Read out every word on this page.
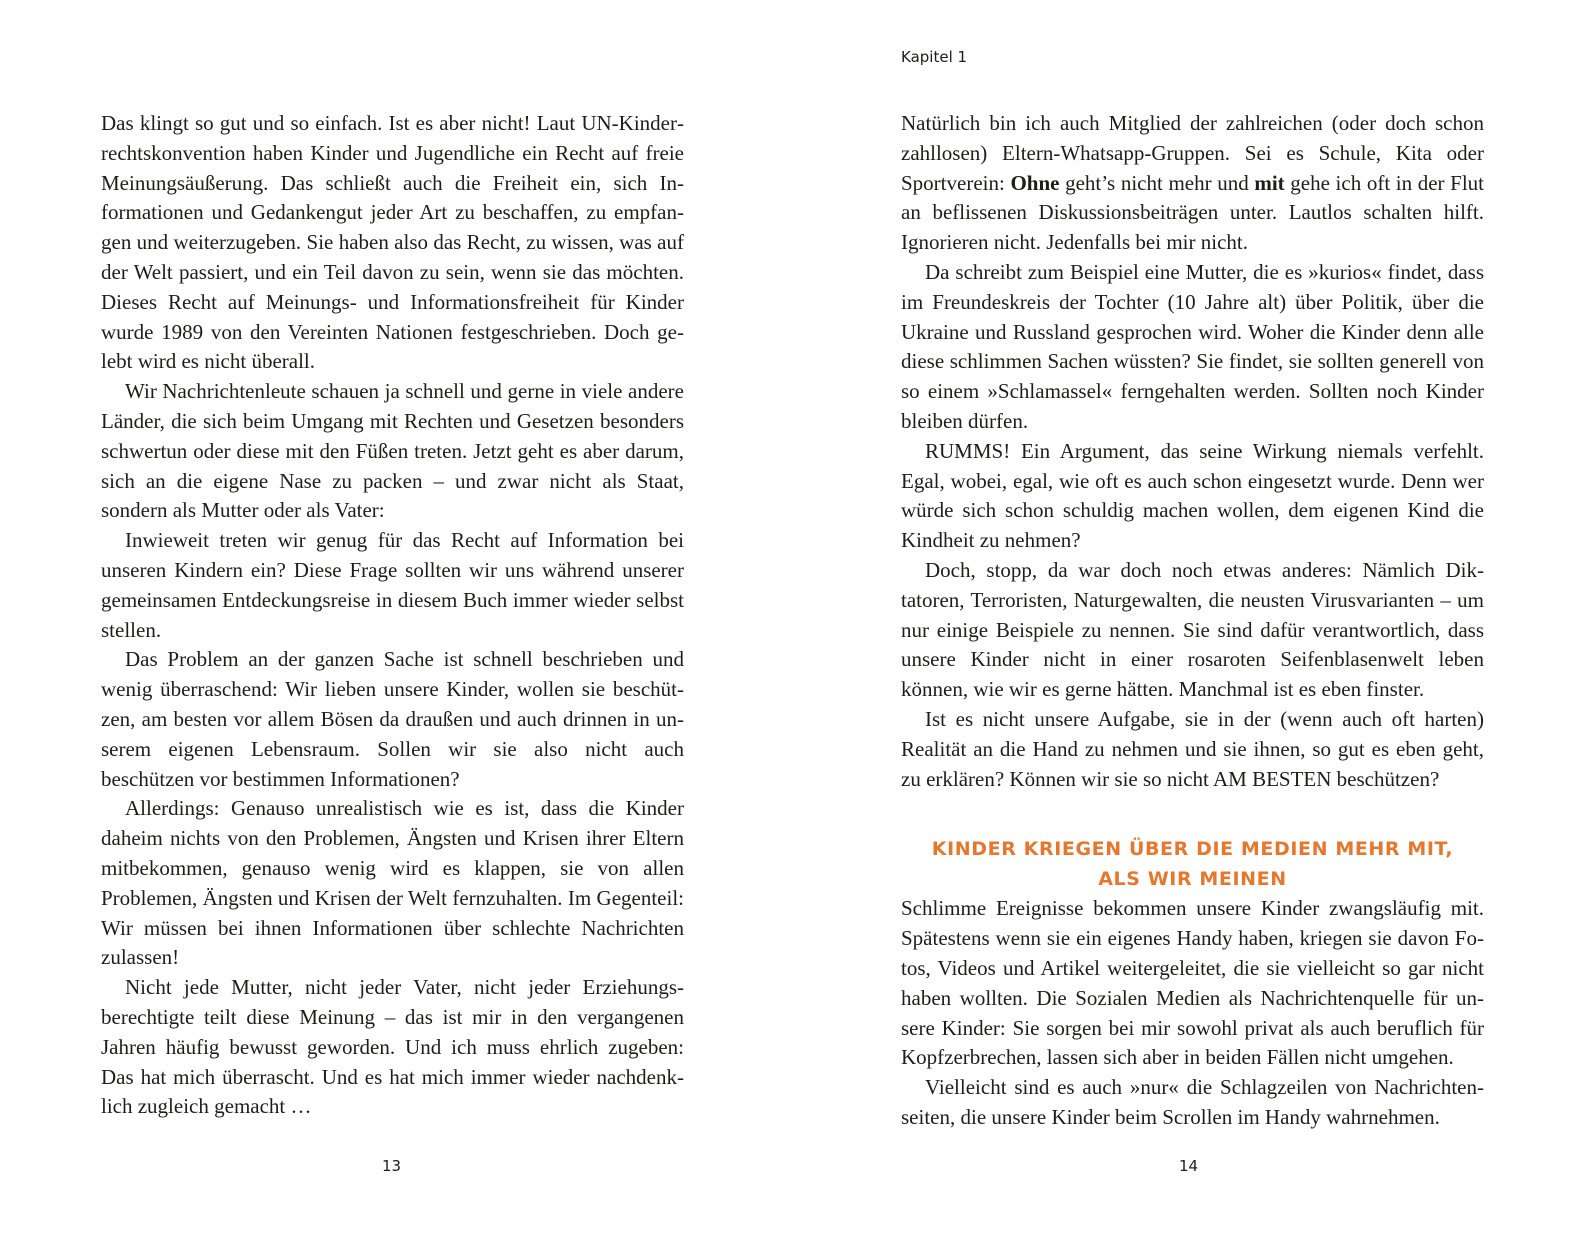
Das klingt so gut und so einfach. Ist es aber nicht! Laut UN-Kinderrechtskonvention haben Kinder und Jugendliche ein Recht auf freie Meinungsäußerung. Das schließt auch die Freiheit ein, sich Informationen und Gedankengut jeder Art zu beschaffen, zu empfangen und weiterzugeben. Sie haben also das Recht, zu wissen, was auf der Welt passiert, und ein Teil davon zu sein, wenn sie das möchten. Dieses Recht auf Meinungs- und Informationsfreiheit für Kinder wurde 1989 von den Vereinten Nationen festgeschrieben. Doch gelebt wird es nicht überall.

Wir Nachrichtenleute schauen ja schnell und gerne in viele andere Länder, die sich beim Umgang mit Rechten und Gesetzen besonders schwertun oder diese mit den Füßen treten. Jetzt geht es aber darum, sich an die eigene Nase zu packen – und zwar nicht als Staat, sondern als Mutter oder als Vater:

Inwieweit treten wir genug für das Recht auf Information bei unseren Kindern ein? Diese Frage sollten wir uns während unserer gemeinsamen Entdeckungsreise in diesem Buch immer wieder selbst stellen.

Das Problem an der ganzen Sache ist schnell beschrieben und wenig überraschend: Wir lieben unsere Kinder, wollen sie beschützen, am besten vor allem Bösen da draußen und auch drinnen in unserem eigenen Lebensraum. Sollen wir sie also nicht auch beschützen vor bestimmen Informationen?

Allerdings: Genauso unrealistisch wie es ist, dass die Kinder daheim nichts von den Problemen, Ängsten und Krisen ihrer Eltern mitbekommen, genauso wenig wird es klappen, sie von allen Problemen, Ängsten und Krisen der Welt fernzuhalten. Im Gegenteil: Wir müssen bei ihnen Informationen über schlechte Nachrichten zulassen!

Nicht jede Mutter, nicht jeder Vater, nicht jeder Erziehungsberechtigte teilt diese Meinung – das ist mir in den vergangenen Jahren häufig bewusst geworden. Und ich muss ehrlich zugeben: Das hat mich überrascht. Und es hat mich immer wieder nachdenklich zugleich gemacht …

13
Kapitel 1

Natürlich bin ich auch Mitglied der zahlreichen (oder doch schon zahllosen) Eltern-Whatsapp-Gruppen. Sei es Schule, Kita oder Sportverein: Ohne geht’s nicht mehr und mit gehe ich oft in der Flut an beflissenen Diskussionsbeiträgen unter. Lautlos schalten hilft. Ignorieren nicht. Jedenfalls bei mir nicht.

Da schreibt zum Beispiel eine Mutter, die es »kurios« findet, dass im Freundeskreis der Tochter (10 Jahre alt) über Politik, über die Ukraine und Russland gesprochen wird. Woher die Kinder denn alle diese schlimmen Sachen wüssten? Sie findet, sie sollten generell von so einem »Schlamassel« ferngehalten werden. Sollten noch Kinder bleiben dürfen.

RUMMS! Ein Argument, das seine Wirkung niemals verfehlt. Egal, wobei, egal, wie oft es auch schon eingesetzt wurde. Denn wer würde sich schon schuldig machen wollen, dem eigenen Kind die Kindheit zu nehmen?

Doch, stopp, da war doch noch etwas anderes: Nämlich Diktatoren, Terroristen, Naturgewalten, die neusten Virusvarianten – um nur einige Beispiele zu nennen. Sie sind dafür verantwortlich, dass unsere Kinder nicht in einer rosaroten Seifenblasenwelt leben können, wie wir es gerne hätten. Manchmal ist es eben finster.

Ist es nicht unsere Aufgabe, sie in der (wenn auch oft harten) Realität an die Hand zu nehmen und sie ihnen, so gut es eben geht, zu erklären? Können wir sie so nicht AM BESTEN beschützen?

KINDER KRIEGEN ÜBER DIE MEDIEN MEHR MIT,
ALS WIR MEINEN

Schlimme Ereignisse bekommen unsere Kinder zwangsläufig mit. Spätestens wenn sie ein eigenes Handy haben, kriegen sie davon Fotos, Videos und Artikel weitergeleitet, die sie vielleicht so gar nicht haben wollten. Die Sozialen Medien als Nachrichtenquelle für unsere Kinder: Sie sorgen bei mir sowohl privat als auch beruflich für Kopfzerbrechen, lassen sich aber in beiden Fällen nicht umgehen.

Vielleicht sind es auch »nur« die Schlagzeilen von Nachrichtenseiten, die unsere Kinder beim Scrollen im Handy wahrnehmen.

14
